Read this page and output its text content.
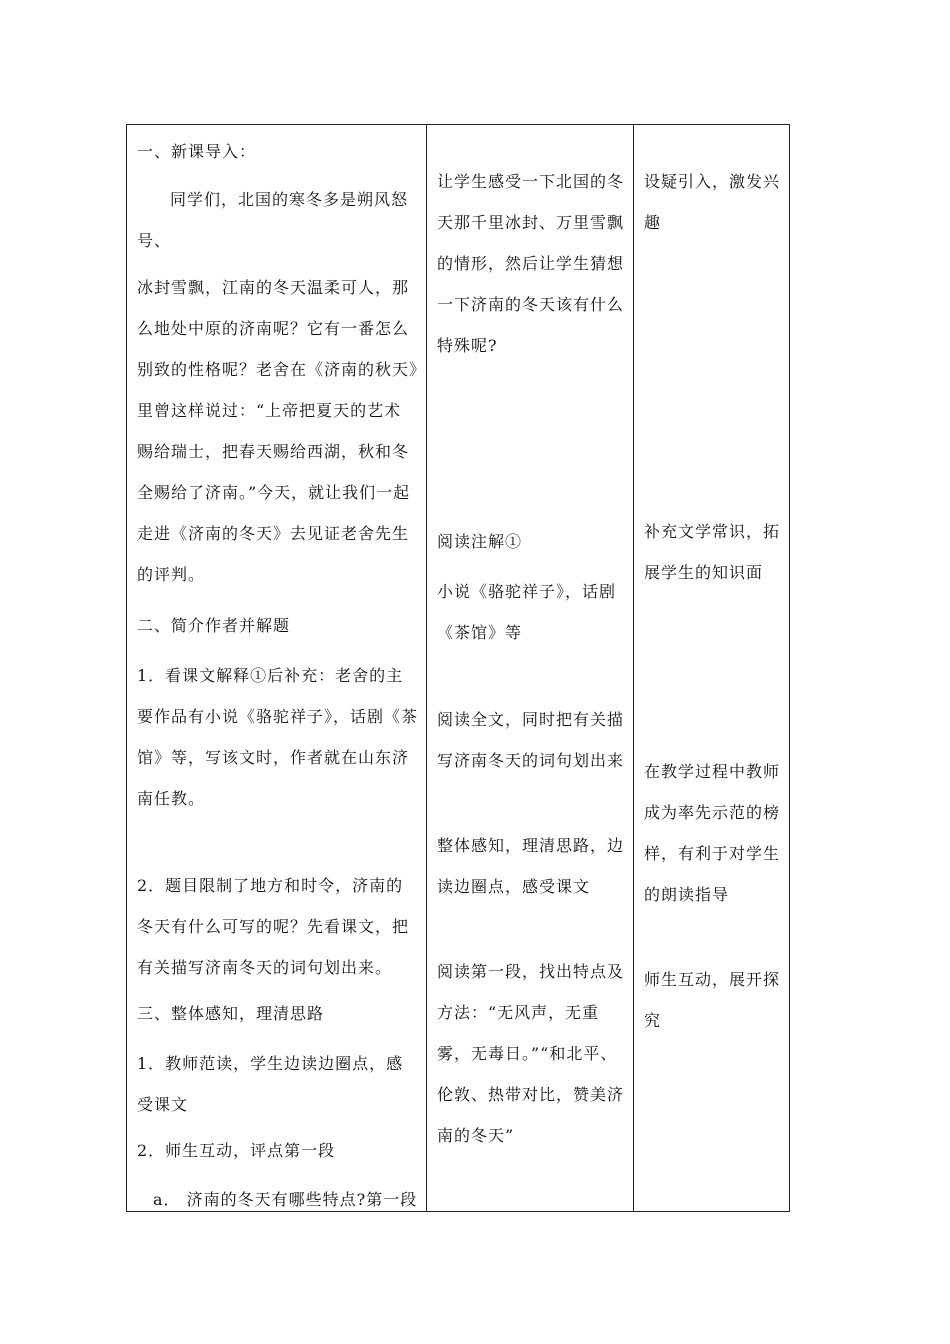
一、新课导入：

同学们，北国的寒冬多是朔风怒号、

冰封雪飘，江南的冬天温柔可人，那么地处中原的济南呢？它有一番怎么别致的性格呢？老舍在《济南的秋天》里曾这样说过：“上帝把夏天的艺术赐给瑞士，把春天赐给西湖，秋和冬全赐给了济南。”今天，就让我们一起走进《济南的冬天》去见证老舍先生的评判。

二、简介作者并解题

1．看课文解释①后补充：老舍的主要作品有小说《骆驼祥子》，话剧《茶馆》等，写该文时，作者就在山东济南任教。

2．题目限制了地方和时令，济南的冬天有什么可写的呢？先看课文，把有关描写济南冬天的词句划出来。

三、整体感知，理清思路

1．教师范读，学生边读边圈点，感受课文

2．师生互动，评点第一段

a． 济南的冬天有哪些特点?第一段

让学生感受一下北国的冬天那千里冰封、万里雪飘的情形，然后让学生猜想一下济南的冬天该有什么特殊呢?

阅读注解①

小说《骆驼祥子》，话剧《茶馆》等

阅读全文，同时把有关描写济南冬天的词句划出来

整体感知，理清思路，边读边圈点，感受课文

阅读第一段，找出特点及方法：“无风声，无重雾，无毒日。”“和北平、伦敦、热带对比，赞美济南的冬天”

设疑引入，激发兴趣

补充文学常识，拓展学生的知识面

在教学过程中教师成为率先示范的榜样，有利于对学生的朗读指导

师生互动，展开探究
